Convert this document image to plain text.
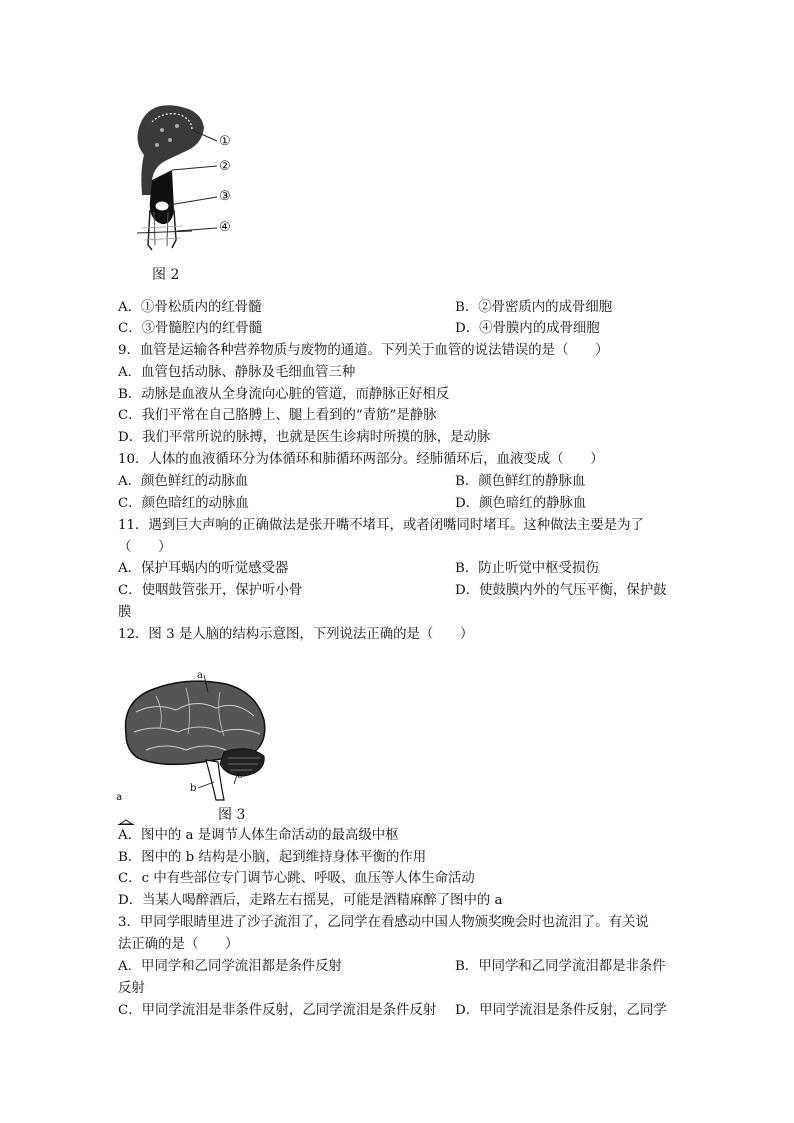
①
②
③
④
图 2
A．①骨松质内的红骨髓	B．②骨密质内的成骨细胞
C．③骨髓腔内的红骨髓	D．④骨膜内的成骨细胞
9．血管是运输各种营养物质与废物的通道。下列关于血管的说法错误的是（　　）
A．血管包括动脉、静脉及毛细血管三种
B．动脉是血液从全身流向心脏的管道，而静脉正好相反
C．我们平常在自己胳膊上、腿上看到的“青筋”是静脉
D．我们平常所说的脉搏，也就是医生诊病时所摸的脉，是动脉
10．人体的血液循环分为体循环和肺循环两部分。经肺循环后，血液变成（　　）
A．颜色鲜红的动脉血	B．颜色鲜红的静脉血
C．颜色暗红的动脉血	D．颜色暗红的静脉血
11．遇到巨大声响的正确做法是张开嘴不堵耳，或者闭嘴同时堵耳。这种做法主要是为了
（　　）
A．保护耳蜗内的听觉感受器	B．防止听觉中枢受损伤
C．使咽鼓管张开，保护听小骨	D．使鼓膜内外的气压平衡，保护鼓
膜
12．图 3 是人脑的结构示意图，下列说法正确的是（　　）
a
b
c
a
图 3
A．图中的 a 是调节人体生命活动的最高级中枢
B．图中的 b 结构是小脑，起到维持身体平衡的作用
C．c 中有些部位专门调节心跳、呼吸、血压等人体生命活动
D．当某人喝醉酒后，走路左右摇晃，可能是酒精麻醉了图中的 a
3．甲同学眼睛里进了沙子流泪了，乙同学在看感动中国人物颁奖晚会时也流泪了。有关说
法正确的是（　　）
A．甲同学和乙同学流泪都是条件反射	B．甲同学和乙同学流泪都是非条件
反射
C．甲同学流泪是非条件反射，乙同学流泪是条件反射 D．甲同学流泪是条件反射，乙同学
